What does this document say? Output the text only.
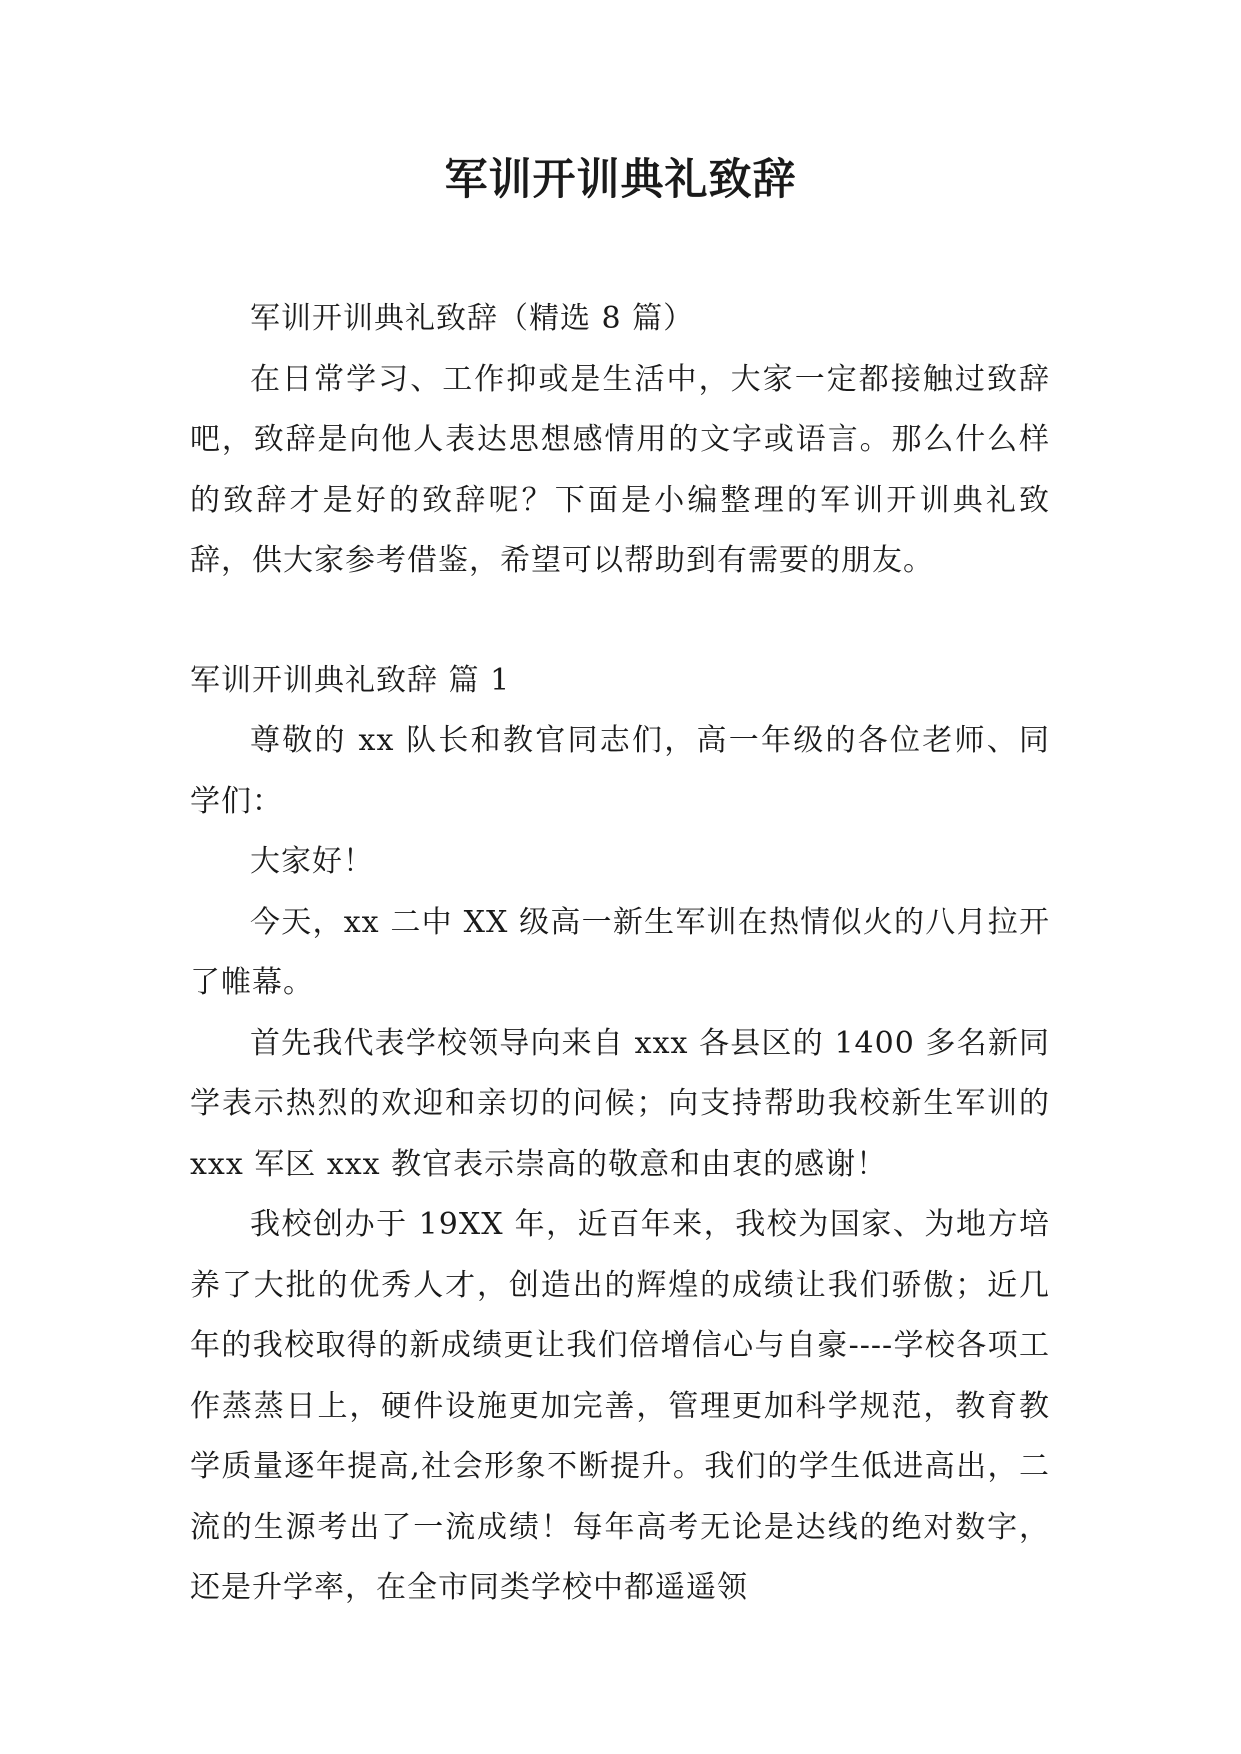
军训开训典礼致辞

军训开训典礼致辞（精选 8 篇）

在日常学习、工作抑或是生活中，大家一定都接触过致辞吧，致辞是向他人表达思想感情用的文字或语言。那么什么样的致辞才是好的致辞呢？下面是小编整理的军训开训典礼致辞，供大家参考借鉴，希望可以帮助到有需要的朋友。

军训开训典礼致辞 篇 1

尊敬的 xx 队长和教官同志们，高一年级的各位老师、同学们：

大家好！

今天，xx 二中 XX 级高一新生军训在热情似火的八月拉开了帷幕。

首先我代表学校领导向来自 xxx 各县区的 1400 多名新同学表示热烈的欢迎和亲切的问候；向支持帮助我校新生军训的 xxx 军区 xxx 教官表示崇高的敬意和由衷的感谢！

我校创办于 19XX 年，近百年来，我校为国家、为地方培养了大批的优秀人才，创造出的辉煌的成绩让我们骄傲；近几年的我校取得的新成绩更让我们倍增信心与自豪----学校各项工作蒸蒸日上，硬件设施更加完善，管理更加科学规范，教育教学质量逐年提高,社会形象不断提升。我们的学生低进高出，二流的生源考出了一流成绩！每年高考无论是达线的绝对数字，还是升学率，在全市同类学校中都遥遥领
